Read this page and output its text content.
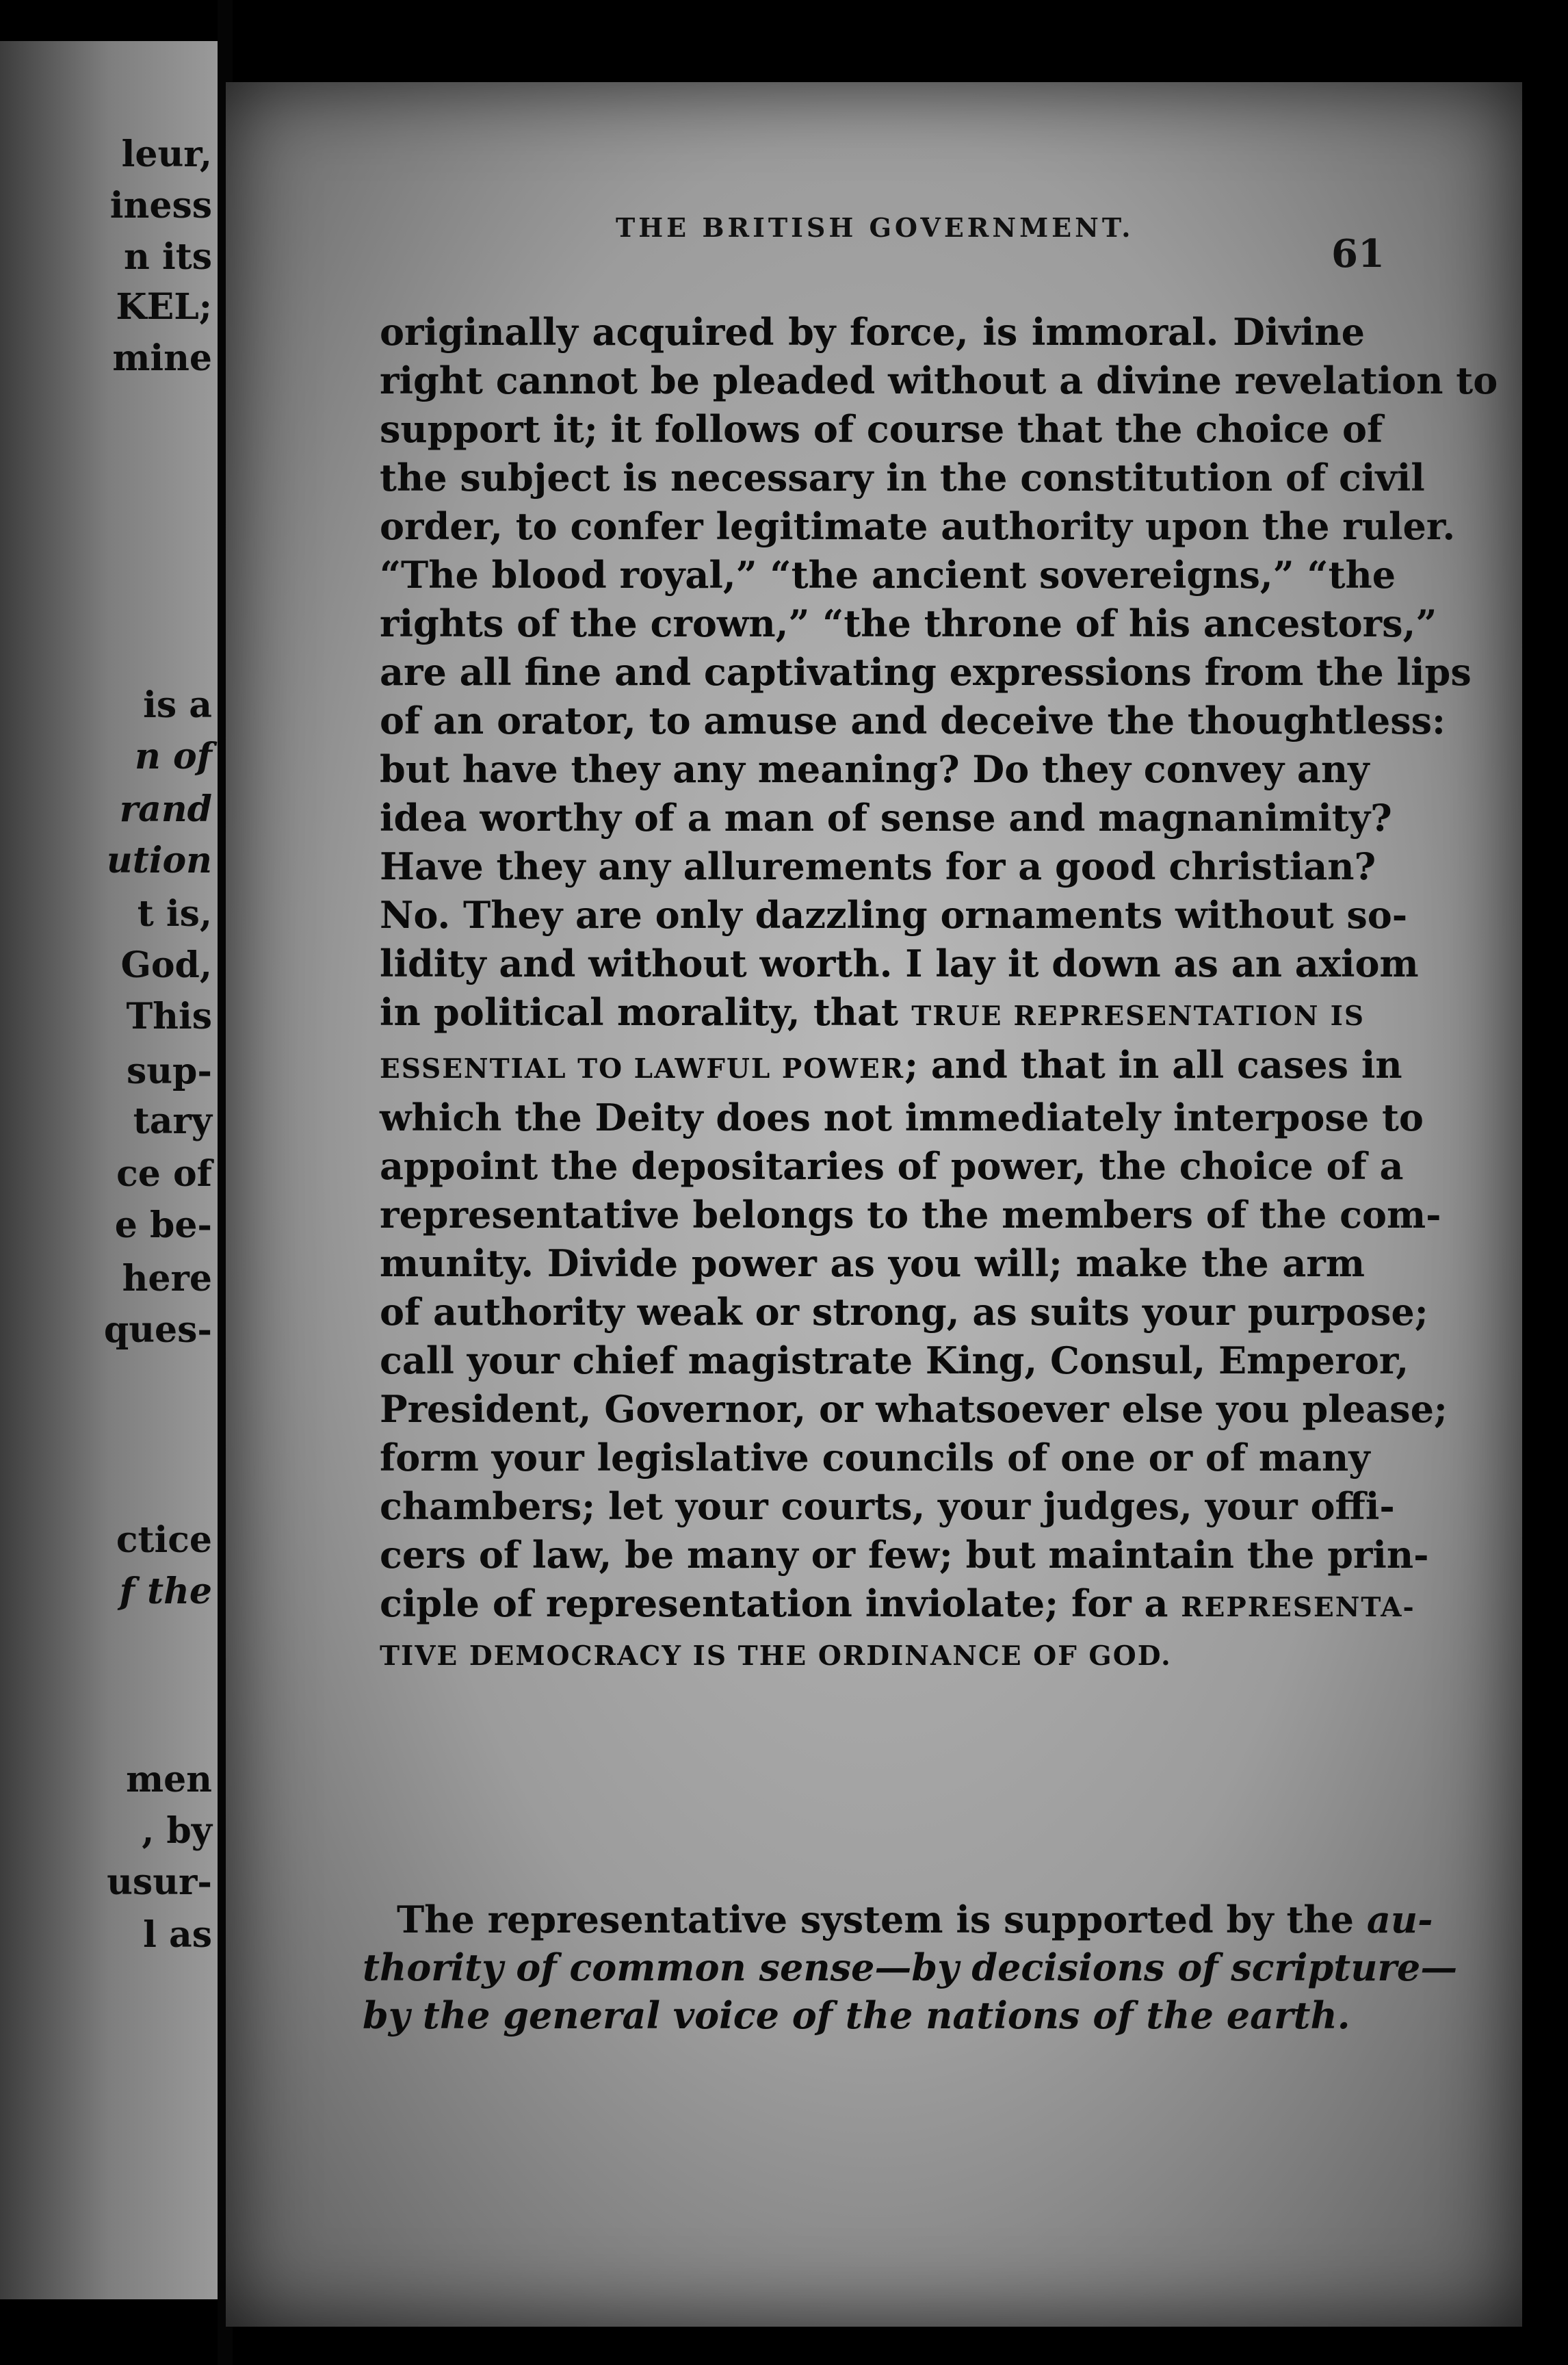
leur,

iness

n its

KEL;

mine

is a

n of

rand

ution

t is,

God,

This

sup-

tary

ce of

e be-

here

ques-

ctice

f the

men

, by

usur-

l as

THE BRITISH GOVERNMENT.
61
originally acquired by force, is immoral. Divine
right cannot be pleaded without a divine revelation to
support it; it follows of course that the choice of
the subject is necessary in the constitution of civil
order, to confer legitimate authority upon the ruler.
“The blood royal,” “the ancient sovereigns,” “the
rights of the crown,” “the throne of his ancestors,”
are all fine and captivating expressions from the lips
of an orator, to amuse and deceive the thoughtless:
but have they any meaning? Do they convey any
idea worthy of a man of sense and magnanimity?
Have they any allurements for a good christian?
No. They are only dazzling ornaments without so-
lidity and without worth. I lay it down as an axiom
in political morality, that TRUE REPRESENTATION IS
ESSENTIAL TO LAWFUL POWER; and that in all cases in
which the Deity does not immediately interpose to
appoint the depositaries of power, the choice of a
representative belongs to the members of the com-
munity. Divide power as you will; make the arm
of authority weak or strong, as suits your purpose;
call your chief magistrate King, Consul, Emperor,
President, Governor, or whatsoever else you please;
form your legislative councils of one or of many
chambers; let your courts, your judges, your offi-
cers of law, be many or few; but maintain the prin-
ciple of representation inviolate; for a REPRESENTA-
TIVE DEMOCRACY IS THE ORDINANCE OF GOD.
The representative system is supported by the au-
thority of common sense—by decisions of scripture—
by the general voice of the nations of the earth.
